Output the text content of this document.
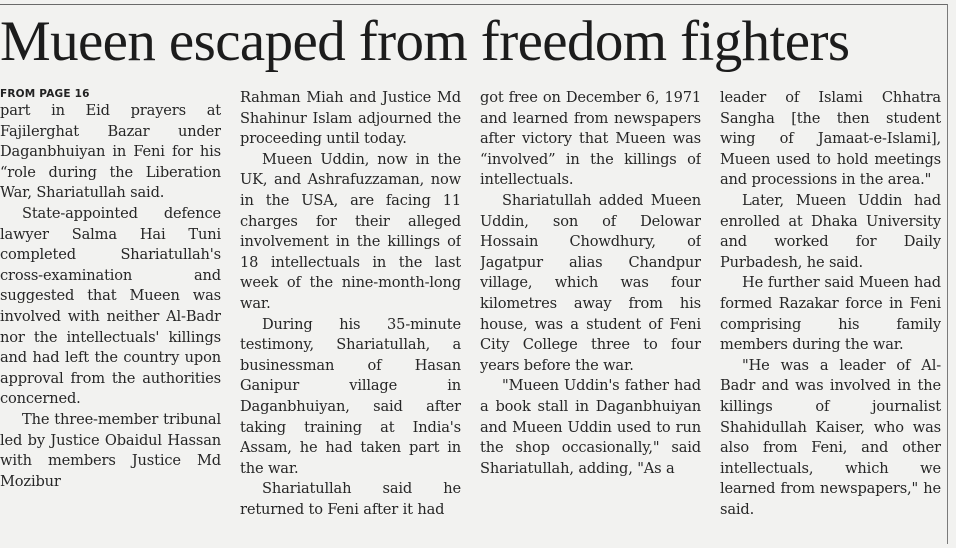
Mueen escaped from freedom fighters
FROM PAGE 16

part in Eid prayers at Fajilerghat Bazar under Daganbhuiyan in Feni for his “role during the Liberation War, Shariatullah said.

State-appointed defence lawyer Salma Hai Tuni completed Shariatullah's cross-examination and suggested that Mueen was involved with neither Al-Badr nor the intellectuals' killings and had left the country upon approval from the authorities concerned.

The three-member tribunal led by Justice Obaidul Hassan with members Justice Md Mozibur

Rahman Miah and Justice Md Shahinur Islam adjourned the proceeding until today.

Mueen Uddin, now in the UK, and Ashrafuzzaman, now in the USA, are facing 11 charges for their alleged involvement in the killings of 18 intellectuals in the last week of the nine-month-long war.

During his 35-minute testimony, Shariatullah, a businessman of Hasan Ganipur village in Daganbhuiyan, said after taking training at India's Assam, he had taken part in the war.

Shariatullah said he returned to Feni after it had

got free on December 6, 1971 and learned from newspapers after victory that Mueen was “involved” in the killings of intellectuals.

Shariatullah added Mueen Uddin, son of Delowar Hossain Chowdhury, of Jagatpur alias Chandpur village, which was four kilometres away from his house, was a student of Feni City College three to four years before the war.

"Mueen Uddin's father had a book stall in Daganbhuiyan and Mueen Uddin used to run the shop occasionally," said Shariatullah, adding, "As a

leader of Islami Chhatra Sangha [the then student wing of Jamaat-e-Islami], Mueen used to hold meetings and processions in the area."

Later, Mueen Uddin had enrolled at Dhaka University and worked for Daily Purbadesh, he said.

He further said Mueen had formed Razakar force in Feni comprising his family members during the war.

"He was a leader of Al-Badr and was involved in the killings of journalist Shahidullah Kaiser, who was also from Feni, and other intellectuals, which we learned from newspapers," he said.
